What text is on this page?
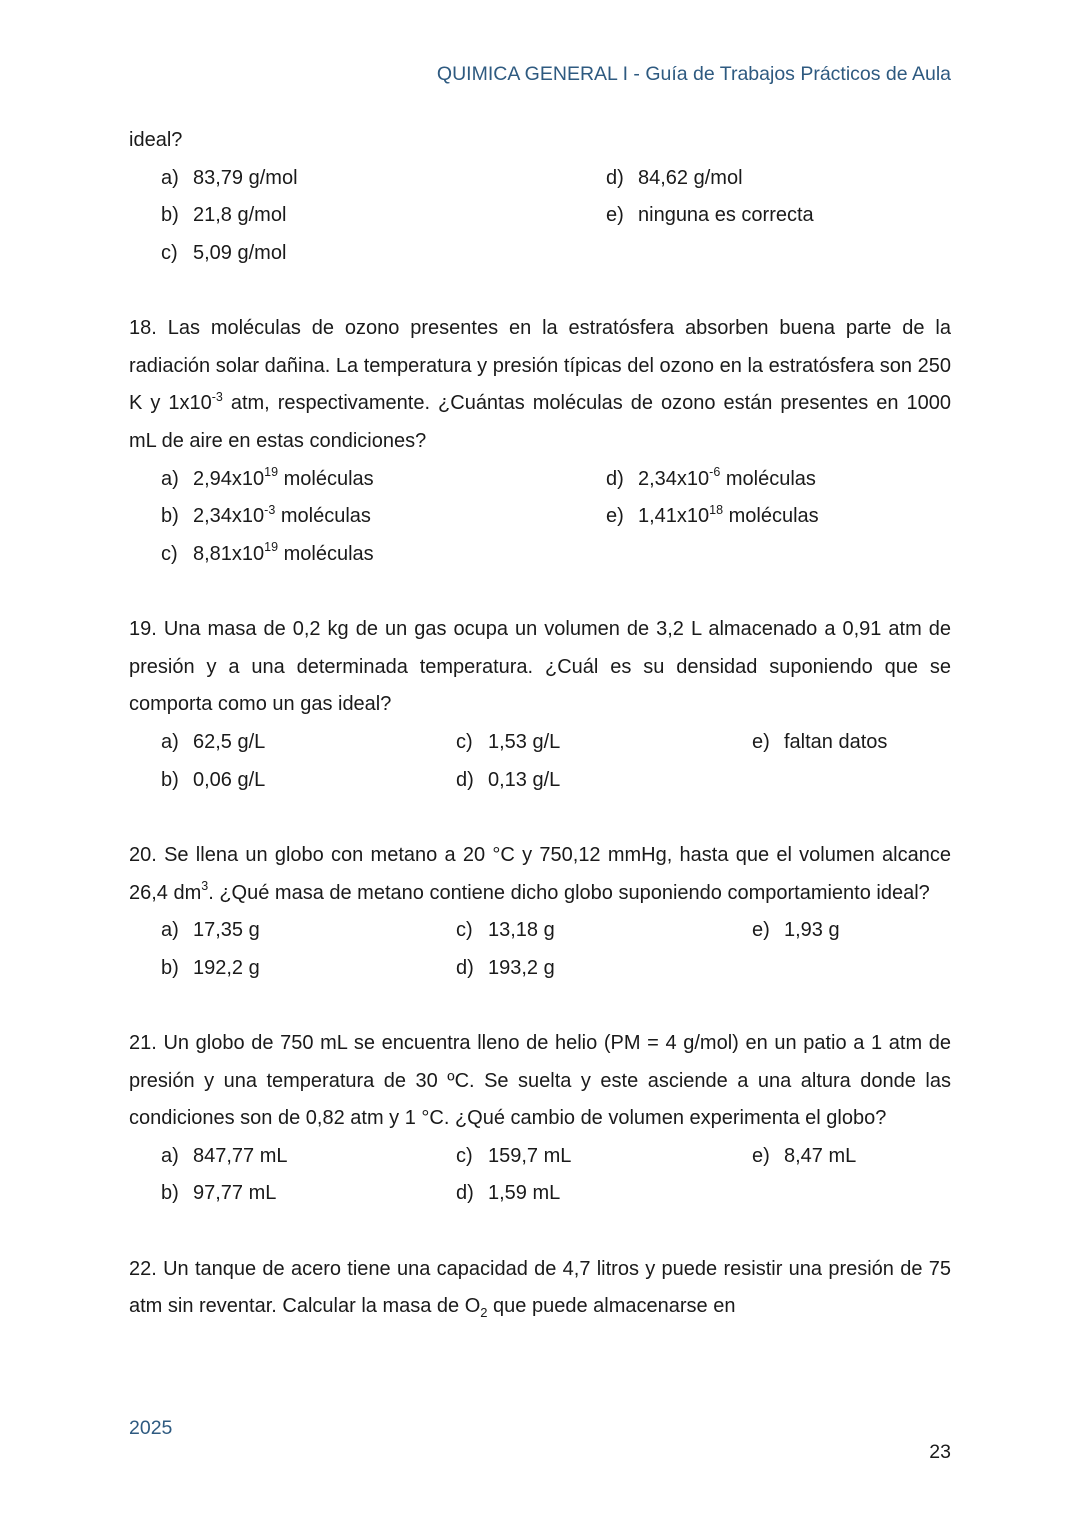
QUIMICA GENERAL I - Guía de Trabajos Prácticos de Aula
ideal?
a) 83,79 g/mol
b) 21,8 g/mol
c) 5,09 g/mol
d) 84,62 g/mol
e) ninguna es correcta
18. Las moléculas de ozono presentes en la estratósfera absorben buena parte de la radiación solar dañina. La temperatura y presión típicas del ozono en la estratósfera son 250 K y $1x10^{-3}$ atm, respectivamente. ¿Cuántas moléculas de ozono están presentes en 1000 mL de aire en estas condiciones?
a) $2,94x10^{19}$ moléculas
b) $2,34x10^{-3}$ moléculas
c) $8,81x10^{19}$ moléculas
d) $2,34x10^{-6}$ moléculas
e) $1,41x10^{18}$ moléculas
19. Una masa de 0,2 kg de un gas ocupa un volumen de 3,2 L almacenado a 0,91 atm de presión y a una determinada temperatura. ¿Cuál es su densidad suponiendo que se comporta como un gas ideal?
a) 62,5 g/L
b) 0,06 g/L
c) 1,53 g/L
d) 0,13 g/L
e) faltan datos
20. Se llena un globo con metano a 20 °C y 750,12 mmHg, hasta que el volumen alcance 26,4 $dm^3$. ¿Qué masa de metano contiene dicho globo suponiendo comportamiento ideal?
a) 17,35 g
b) 192,2 g
c) 13,18 g
d) 193,2 g
e) 1,93 g
21. Un globo de 750 mL se encuentra lleno de helio (PM = 4 g/mol) en un patio a 1 atm de presión y una temperatura de 30 ºC. Se suelta y este asciende a una altura donde las condiciones son de 0,82 atm y 1 °C. ¿Qué cambio de volumen experimenta el globo?
a) 847,77 mL
b) 97,77 mL
c) 159,7 mL
d) 1,59 mL
e) 8,47 mL
22. Un tanque de acero tiene una capacidad de 4,7 litros y puede resistir una presión de 75 atm sin reventar. Calcular la masa de $O_2$ que puede almacenarse en
2025
23
